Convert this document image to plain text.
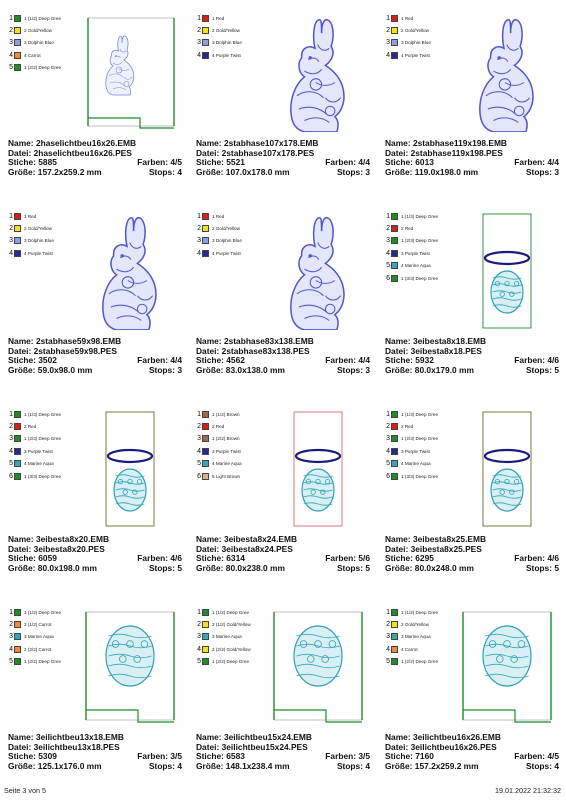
1 1 (1/2) Deep Gree
2 2 Gold/Yellow
3 3 Dolphin Blue
4 4 Carrot
5 1 (2/2) Deep Gree
Name: 2haselichtbeu16x26.EMB
Datei: 2haselichtbeu16x26.PES
Stiche: 5885	Farben: 4/5
Größe: 157.2x259.2 mm	Stops: 4
1 1 Red
2 2 Gold/Yellow
3 3 Dolphin Blue
4 4 Purple Twist
Name: 2stabhase107x178.EMB
Datei: 2stabhase107x178.PES
Stiche: 5521	Farben: 4/4
Größe: 107.0x178.0 mm	Stops: 3
1 1 Red
2 2 Gold/Yellow
3 3 Dolphin Blue
4 4 Purple Twist
Name: 2stabhase119x198.EMB
Datei: 2stabhase119x198.PES
Stiche: 6013	Farben: 4/4
Größe: 119.0x198.0 mm	Stops: 3
1 1 Red
2 2 Gold/Yellow
3 3 Dolphin Blue
4 4 Purple Twist
Name: 2stabhase59x98.EMB
Datei: 2stabhase59x98.PES
Stiche: 3502	Farben: 4/4
Größe: 59.0x98.0 mm	Stops: 3
1 1 Red
2 2 Gold/Yellow
3 3 Dolphin Blue
4 4 Purple Twist
Name: 2stabhase83x138.EMB
Datei: 2stabhase83x138.PES
Stiche: 4562	Farben: 4/4
Größe: 83.0x138.0 mm	Stops: 3
1 1 (1/3) Deep Gree
2 2 Red
3 1 (2/3) Deep Gree
4 3 Purple Twist
5 4 Marine Aqua
6 1 (3/3) Deep Gree
Name: 3eibesta8x18.EMB
Datei: 3eibesta8x18.PES
Stiche: 5932	Farben: 4/6
Größe: 80.0x179.0 mm	Stops: 5
1 1 (1/3) Deep Gree
2 2 Red
3 1 (2/3) Deep Gree
4 3 Purple Twist
5 4 Marine Aqua
6 1 (3/3) Deep Gree
Name: 3eibesta8x20.EMB
Datei: 3eibesta8x20.PES
Stiche: 6059	Farben: 4/6
Größe: 80.0x198.0 mm	Stops: 5
1 1 (1/2) Brown
2 2 Red
3 1 (2/2) Brown
4 3 Purple Twist
5 4 Marine Aqua
6 5 Light Brown
Name: 3eibesta8x24.EMB
Datei: 3eibesta8x24.PES
Stiche: 6314	Farben: 5/6
Größe: 80.0x238.0 mm	Stops: 5
1 1 (1/3) Deep Gree
2 2 Red
3 1 (2/3) Deep Gree
4 3 Purple Twist
5 4 Marine Aqua
6 1 (3/3) Deep Gree
Name: 3eibesta8x25.EMB
Datei: 3eibesta8x25.PES
Stiche: 6295	Farben: 4/6
Größe: 80.0x248.0 mm	Stops: 5
1 1 (1/2) Deep Gree
2 2 (1/2) Carrot
3 3 Marine Aqua
4 2 (2/2) Carrot
5 1 (2/2) Deep Gree
Name: 3eilichtbeu13x18.EMB
Datei: 3eilichtbeu13x18.PES
Stiche: 5309	Farben: 3/5
Größe: 125.1x176.0 mm	Stops: 4
1 1 (1/2) Deep Gree
2 2 (1/2) Gold/Yellow
3 3 Marine Aqua
4 2 (2/2) Gold/Yellow
5 1 (2/2) Deep Gree
Name: 3eilichtbeu15x24.EMB
Datei: 3eilichtbeu15x24.PES
Stiche: 6583	Farben: 3/5
Größe: 148.1x238.4 mm	Stops: 4
1 1 (1/2) Deep Gree
2 2 Gold/Yellow
3 3 Marine Aqua
4 4 Carrot
5 1 (2/2) Deep Gree
Name: 3eilichtbeu16x26.EMB
Datei: 3eilichtbeu16x26.PES
Stiche: 7160	Farben: 4/5
Größe: 157.2x259.2 mm	Stops: 4
Seite 3 von 5	19.01.2022 21:32:32
